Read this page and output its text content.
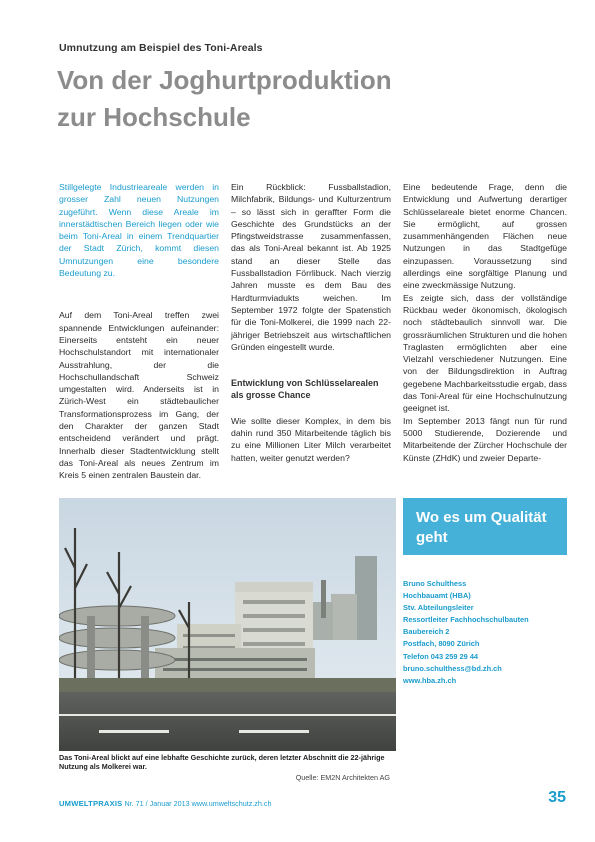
Umnutzung am Beispiel des Toni-Areals
Von der Joghurtproduktion
zur Hochschule

Stillgelegte Industrieareale werden in grosser Zahl neuen Nutzungen zugeführt. Wenn diese Areale im innerstädtischen Bereich liegen oder wie beim Toni-Areal in einem Trendquartier der Stadt Zürich, kommt diesen Umnutzungen eine besondere Bedeutung zu.

Auf dem Toni-Areal treffen zwei spannende Entwicklungen aufeinander: Einerseits entsteht ein neuer Hochschulstandort mit internationaler Ausstrahlung, der die Hochschullandschaft Schweiz umgestalten wird. Anderseits ist in Zürich-West ein städtebaulicher Transformationsprozess im Gang, der den Charakter der ganzen Stadt entscheidend verändert und prägt. Innerhalb dieser Stadtentwicklung stellt das Toni-Areal als neues Zentrum im Kreis 5 einen zentralen Baustein dar.

Ein Rückblick: Fussballstadion, Milchfabrik, Bildungs- und Kulturzentrum – so lässt sich in geraffter Form die Geschichte des Grundstücks an der Pfingstweidstrasse zusammenfassen, das als Toni-Areal bekannt ist. Ab 1925 stand an dieser Stelle das Fussballstadion Förrlibuck. Nach vierzig Jahren musste es dem Bau des Hardturmviadukts weichen. Im September 1972 folgte der Spatenstich für die Toni-Molkerei, die 1999 nach 22-jähriger Betriebszeit aus wirtschaftlichen Gründen eingestellt wurde.

Entwicklung von Schlüsselarealen als grosse Chance

Wie sollte dieser Komplex, in dem bis dahin rund 350 Mitarbeitende täglich bis zu eine Millionen Liter Milch verarbeitet hatten, weiter genutzt werden?

Eine bedeutende Frage, denn die Entwicklung und Aufwertung derartiger Schlüsselareale bietet enorme Chancen. Sie ermöglicht, auf grossen zusammenhängenden Flächen neue Nutzungen in das Stadtgefüge einzupassen. Voraussetzung sind allerdings eine sorgfältige Planung und eine zweckmässige Nutzung.

Es zeigte sich, dass der vollständige Rückbau weder ökonomisch, ökologisch noch städtebaulich sinnvoll war. Die grossräumlichen Strukturen und die hohen Traglasten ermöglichten aber eine Vielzahl verschiedener Nutzungen. Eine von der Bildungsdirektion in Auftrag gegebene Machbarkeitsstudie ergab, dass das Toni-Areal für eine Hochschulnutzung geeignet ist.

Im September 2013 fängt nun für rund 5000 Studierende, Dozierende und Mitarbeitende der Zürcher Hochschule der Künste (ZHdK) und zweier Departe-

Das Toni-Areal blickt auf eine lebhafte Geschichte zurück, deren letzter Abschnitt die 22-jährige Nutzung als Molkerei war.
Quelle: EM2N Architekten AG
Wo es um Qualität geht
Bruno Schulthess
Hochbauamt (HBA)
Stv. Abteilungsleiter
Ressortleiter Fachhochschulbauten
Baubereich 2
Postfach, 8090 Zürich
Telefon 043 259 29 44
bruno.schulthess@bd.zh.ch
www.hba.zh.ch
UMWELTPRAXIS Nr. 71 / Januar 2013 www.umweltschutz.zh.ch	35
